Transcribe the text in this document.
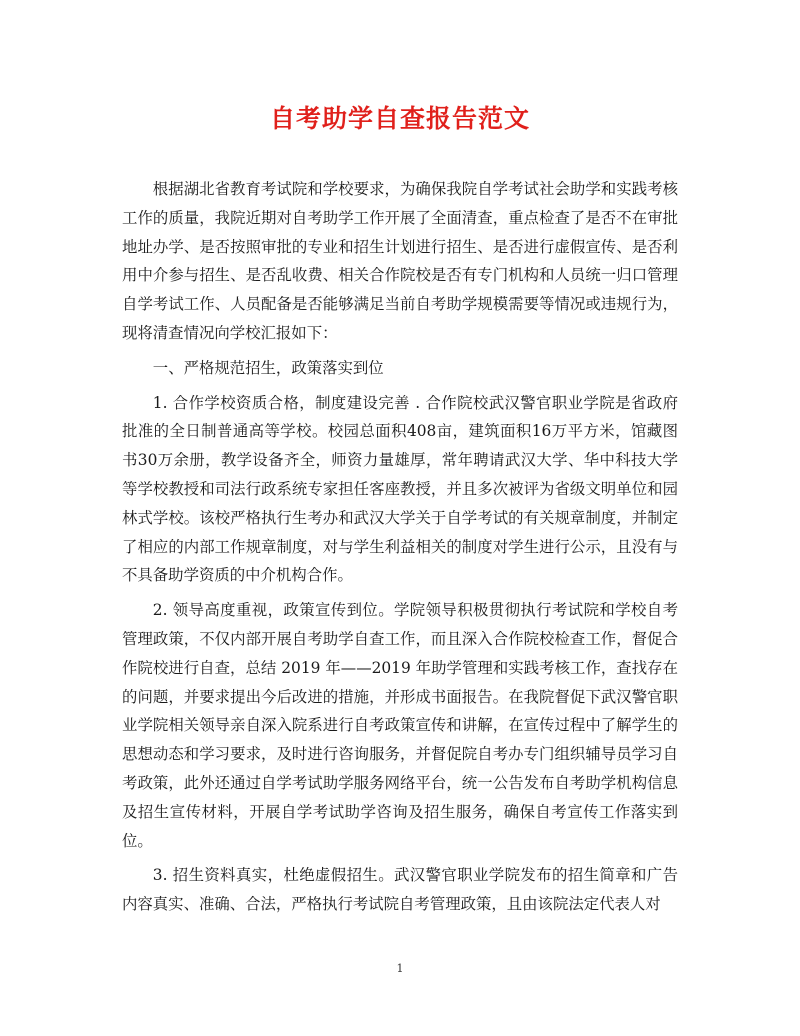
自考助学自查报告范文

根据湖北省教育考试院和学校要求，为确保我院自学考试社会助学和实践考核工作的质量，我院近期对自考助学工作开展了全面清查，重点检查了是否不在审批地址办学、是否按照审批的专业和招生计划进行招生、是否进行虚假宣传、是否利用中介参与招生、是否乱收费、相关合作院校是否有专门机构和人员统一归口管理自学考试工作、人员配备是否能够满足当前自考助学规模需要等情况或违规行为，现将清查情况向学校汇报如下：

一、严格规范招生，政策落实到位

1. 合作学校资质合格，制度建设完善 . 合作院校武汉警官职业学院是省政府批准的全日制普通高等学校。校园总面积408亩，建筑面积16万平方米，馆藏图书30万余册，教学设备齐全，师资力量雄厚，常年聘请武汉大学、华中科技大学等学校教授和司法行政系统专家担任客座教授，并且多次被评为省级文明单位和园林式学校。该校严格执行生考办和武汉大学关于自学考试的有关规章制度，并制定了相应的内部工作规章制度，对与学生利益相关的制度对学生进行公示，且没有与不具备助学资质的中介机构合作。

2. 领导高度重视，政策宣传到位。学院领导积极贯彻执行考试院和学校自考管理政策，不仅内部开展自考助学自查工作，而且深入合作院校检查工作，督促合作院校进行自查，总结 2019 年——2019 年助学管理和实践考核工作，查找存在的问题，并要求提出今后改进的措施，并形成书面报告。在我院督促下武汉警官职业学院相关领导亲自深入院系进行自考政策宣传和讲解，在宣传过程中了解学生的思想动态和学习要求，及时进行咨询服务，并督促院自考办专门组织辅导员学习自考政策，此外还通过自学考试助学服务网络平台，统一公告发布自考助学机构信息及招生宣传材料，开展自学考试助学咨询及招生服务，确保自考宣传工作落实到位。

3. 招生资料真实，杜绝虚假招生。武汉警官职业学院发布的招生简章和广告内容真实、准确、合法，严格执行考试院自考管理政策，且由该院法定代表人对

1
